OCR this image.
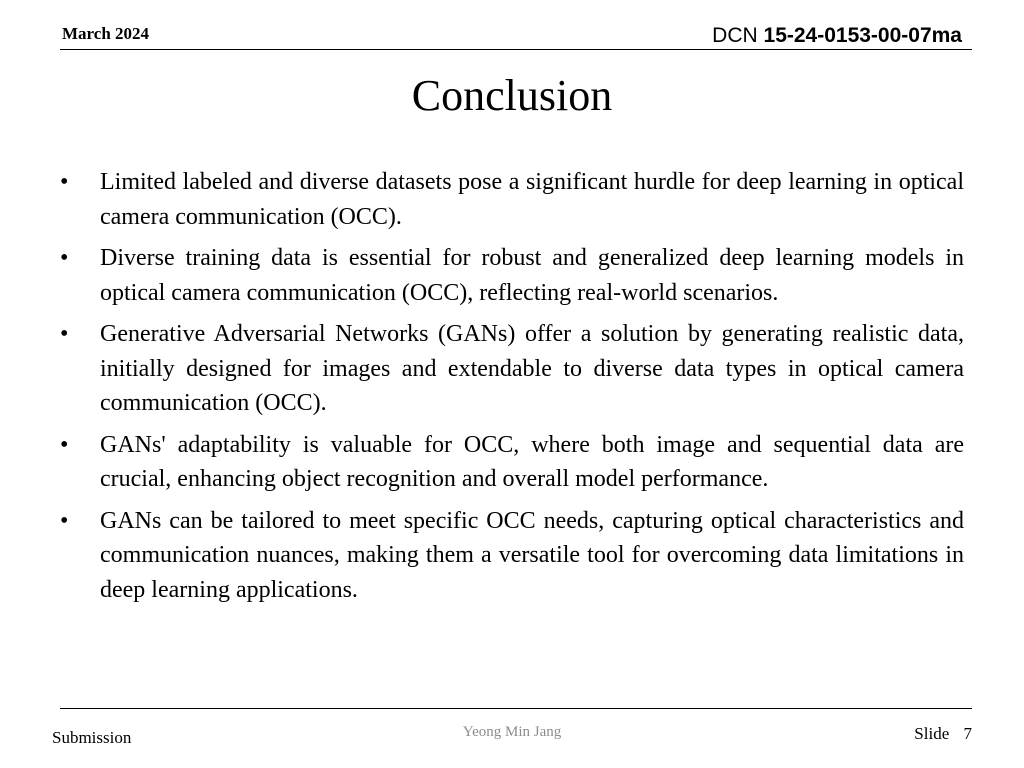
March 2024	DCN 15-24-0153-00-07ma
Conclusion
•	Limited labeled and diverse datasets pose a significant hurdle for deep learning in optical camera communication (OCC).
•	Diverse training data is essential for robust and generalized deep learning models in optical camera communication (OCC), reflecting real-world scenarios.
•	Generative Adversarial Networks (GANs) offer a solution by generating realistic data, initially designed for images and extendable to diverse data types in optical camera communication (OCC).
•	GANs' adaptability is valuable for OCC, where both image and sequential data are crucial, enhancing object recognition and overall model performance.
•	GANs can be tailored to meet specific OCC needs, capturing optical characteristics and communication nuances, making them a versatile tool for overcoming data limitations in deep learning applications.
Submission	Yeong Min Jang	Slide 7
